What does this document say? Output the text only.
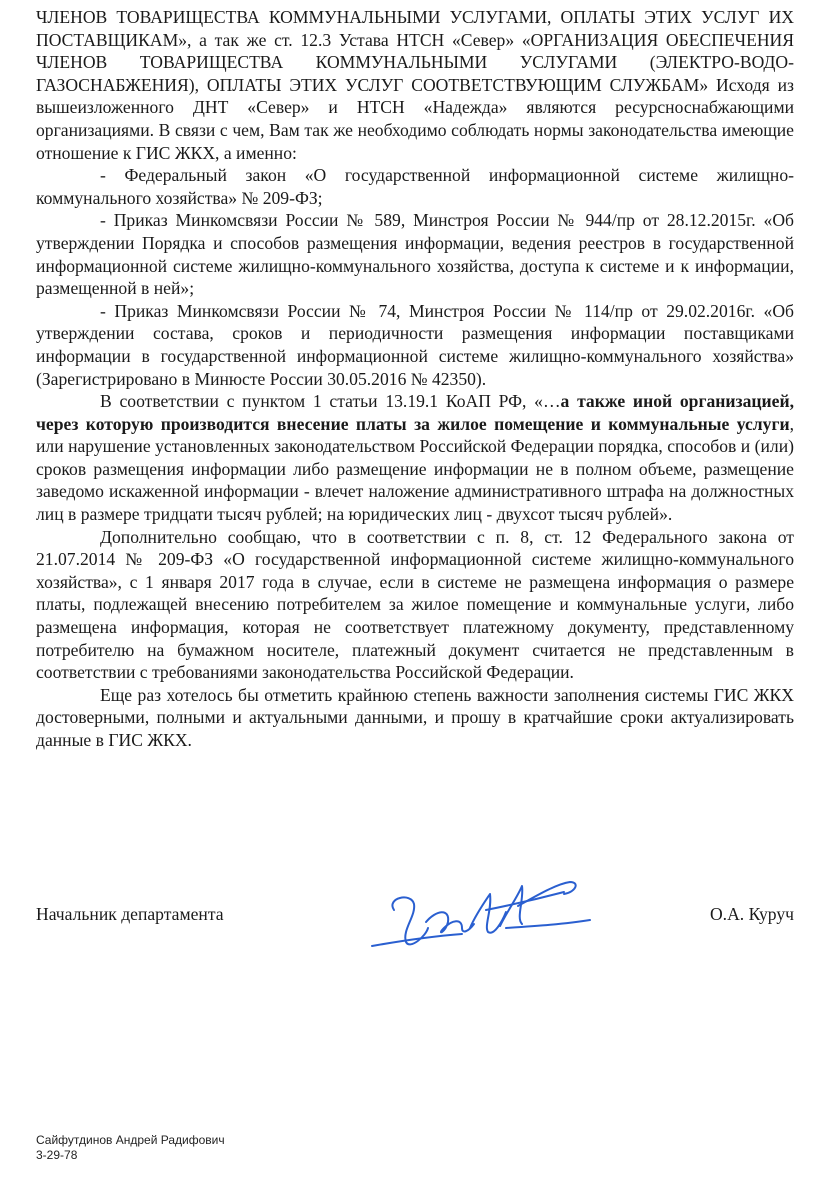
ЧЛЕНОВ ТОВАРИЩЕСТВА КОММУНАЛЬНЫМИ УСЛУГАМИ, ОПЛАТЫ ЭТИХ УСЛУГ ИХ ПОСТАВЩИКАМ», а так же ст. 12.3 Устава НТСН «Север» «ОРГАНИЗАЦИЯ ОБЕСПЕЧЕНИЯ ЧЛЕНОВ ТОВАРИЩЕСТВА КОММУНАЛЬНЫМИ УСЛУГАМИ (ЭЛЕКТРО-ВОДО-ГАЗОСНАБЖЕНИЯ), ОПЛАТЫ ЭТИХ УСЛУГ СООТВЕТСТВУЮЩИМ СЛУЖБАМ» Исходя из вышеизложенного ДНТ «Север» и НТСН «Надежда» являются ресурсноснабжающими организациями. В связи с чем, Вам так же необходимо соблюдать нормы законодательства имеющие отношение к ГИС ЖКХ, а именно:

- Федеральный закон «О государственной информационной системе жилищно-коммунального хозяйства» № 209-ФЗ;

- Приказ Минкомсвязи России № 589, Минстроя России № 944/пр от 28.12.2015г. «Об утверждении Порядка и способов размещения информации, ведения реестров в государственной информационной системе жилищно-коммунального хозяйства, доступа к системе и к информации, размещенной в ней»;

- Приказ Минкомсвязи России № 74, Минстроя России № 114/пр от 29.02.2016г. «Об утверждении состава, сроков и периодичности размещения информации поставщиками информации в государственной информационной системе жилищно-коммунального хозяйства» (Зарегистрировано в Минюсте России 30.05.2016 № 42350).

В соответствии с пунктом 1 статьи 13.19.1 КоАП РФ, «…а также иной организацией, через которую производится внесение платы за жилое помещение и коммунальные услуги, или нарушение установленных законодательством Российской Федерации порядка, способов и (или) сроков размещения информации либо размещение информации не в полном объеме, размещение заведомо искаженной информации - влечет наложение административного штрафа на должностных лиц в размере тридцати тысяч рублей; на юридических лиц - двухсот тысяч рублей».

Дополнительно сообщаю, что в соответствии с п. 8, ст. 12 Федерального закона от 21.07.2014 № 209-ФЗ «О государственной информационной системе жилищно-коммунального хозяйства», с 1 января 2017 года в случае, если в системе не размещена информация о размере платы, подлежащей внесению потребителем за жилое помещение и коммунальные услуги, либо размещена информация, которая не соответствует платежному документу, представленному потребителю на бумажном носителе, платежный документ считается не представленным в соответствии с требованиями законодательства Российской Федерации.

Еще раз хотелось бы отметить крайнюю степень важности заполнения системы ГИС ЖКХ достоверными, полными и актуальными данными, и прошу в кратчайшие сроки актуализировать данные в ГИС ЖКХ.

Начальник департамента	О.А. Куруч
Сайфутдинов Андрей Радифович
3-29-78
